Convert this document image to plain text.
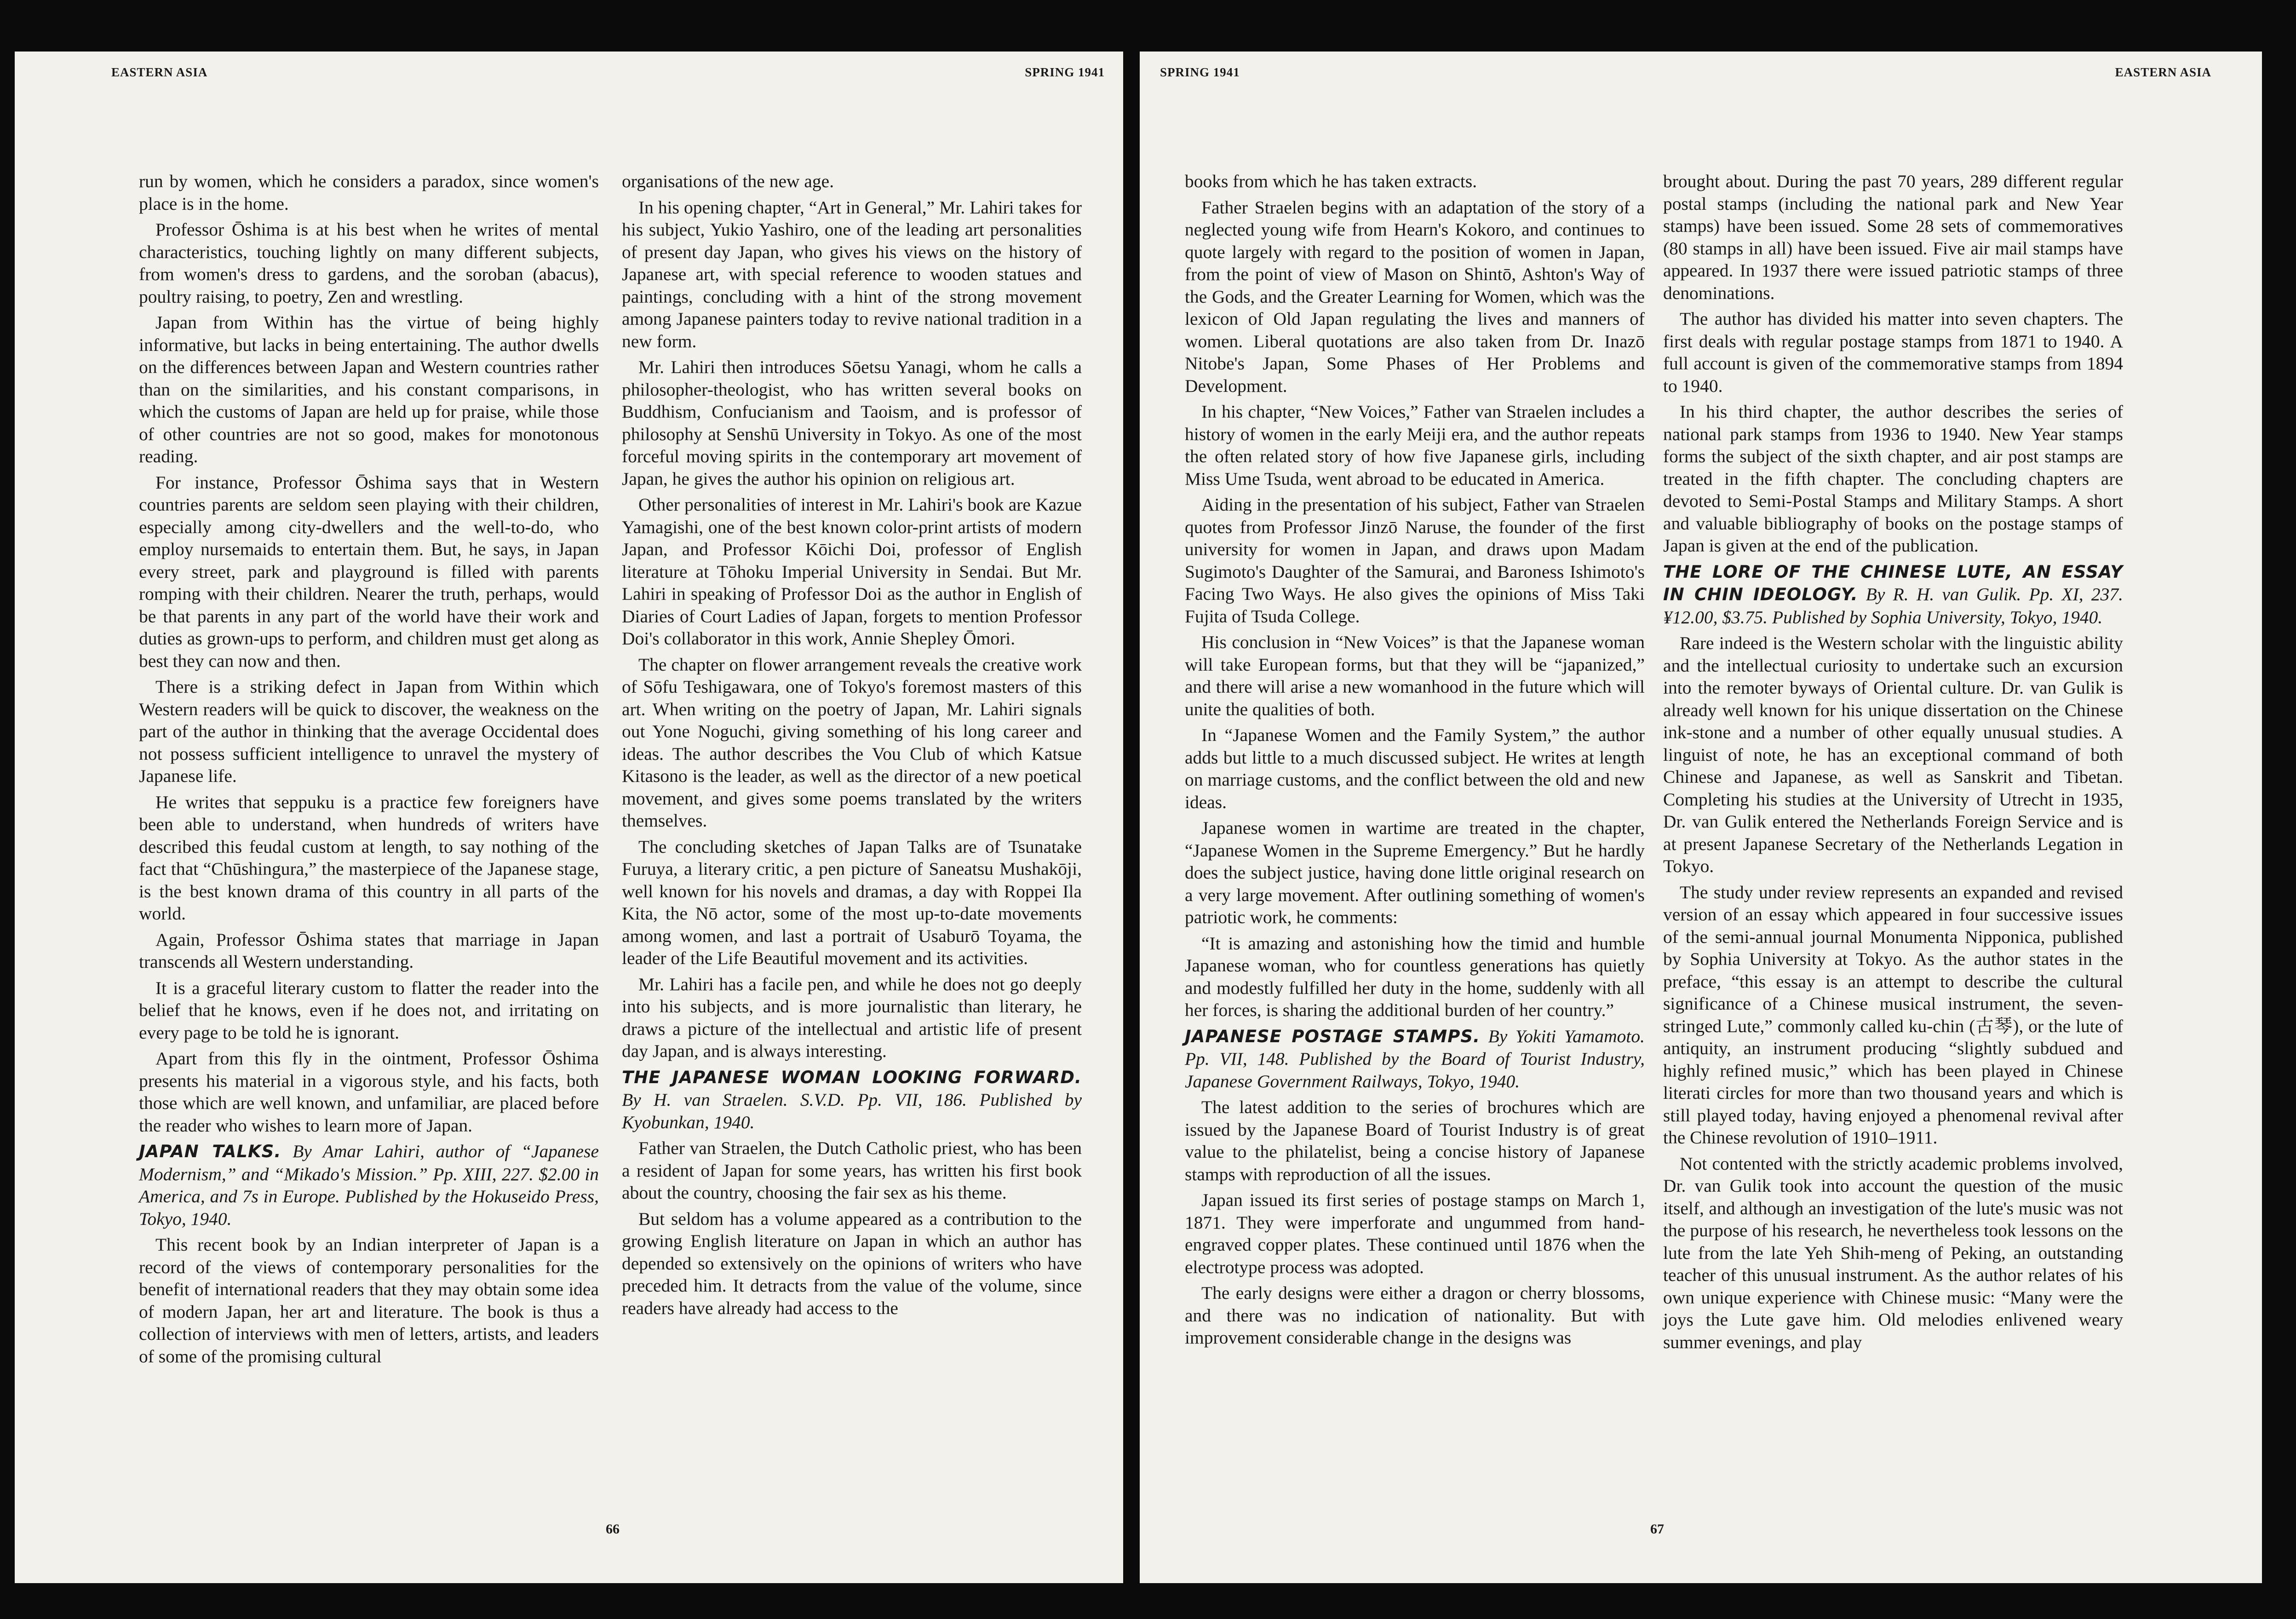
EASTERN ASIA	SPRING 1941

run by women, which he considers a paradox, since women's place is in the home.

Professor Ōshima is at his best when he writes of mental characteristics, touching lightly on many different subjects, from women's dress to gardens, and the soroban (abacus), poultry raising, to poetry, Zen and wrestling.

Japan from Within has the virtue of being highly informative, but lacks in being entertaining. The author dwells on the differences between Japan and Western countries rather than on the similarities, and his constant comparisons, in which the customs of Japan are held up for praise, while those of other countries are not so good, makes for monotonous reading.

For instance, Professor Ōshima says that in Western countries parents are seldom seen playing with their children, especially among city-dwellers and the well-to-do, who employ nursemaids to entertain them. But, he says, in Japan every street, park and playground is filled with parents romping with their children. Nearer the truth, perhaps, would be that parents in any part of the world have their work and duties as grown-ups to perform, and children must get along as best they can now and then.

There is a striking defect in Japan from Within which Western readers will be quick to discover, the weakness on the part of the author in thinking that the average Occidental does not possess sufficient intelligence to unravel the mystery of Japanese life.

He writes that seppuku is a practice few foreigners have been able to understand, when hundreds of writers have described this feudal custom at length, to say nothing of the fact that “Chūshingura,” the masterpiece of the Japanese stage, is the best known drama of this country in all parts of the world.

Again, Professor Ōshima states that marriage in Japan transcends all Western understanding.

It is a graceful literary custom to flatter the reader into the belief that he knows, even if he does not, and irritating on every page to be told he is ignorant.

Apart from this fly in the ointment, Professor Ōshima presents his material in a vigorous style, and his facts, both those which are well known, and unfamiliar, are placed before the reader who wishes to learn more of Japan.

JAPAN TALKS. By Amar Lahiri, author of “Japanese Modernism,” and “Mikado's Mission.” Pp. XIII, 227. $2.00 in America, and 7s in Europe. Published by the Hokuseido Press, Tokyo, 1940.

This recent book by an Indian interpreter of Japan is a record of the views of contemporary personalities for the benefit of international readers that they may obtain some idea of modern Japan, her art and literature. The book is thus a collection of interviews with men of letters, artists, and leaders of some of the promising cultural

organisations of the new age.

In his opening chapter, “Art in General,” Mr. Lahiri takes for his subject, Yukio Yashiro, one of the leading art personalities of present day Japan, who gives his views on the history of Japanese art, with special reference to wooden statues and paintings, concluding with a hint of the strong movement among Japanese painters today to revive national tradition in a new form.

Mr. Lahiri then introduces Sōetsu Yanagi, whom he calls a philosopher-theologist, who has written several books on Buddhism, Confucianism and Taoism, and is professor of philosophy at Senshū University in Tokyo. As one of the most forceful moving spirits in the contemporary art movement of Japan, he gives the author his opinion on religious art.

Other personalities of interest in Mr. Lahiri's book are Kazue Yamagishi, one of the best known color-print artists of modern Japan, and Professor Kōichi Doi, professor of English literature at Tōhoku Imperial University in Sendai. But Mr. Lahiri in speaking of Professor Doi as the author in English of Diaries of Court Ladies of Japan, forgets to mention Professor Doi's collaborator in this work, Annie Shepley Ōmori.

The chapter on flower arrangement reveals the creative work of Sōfu Teshigawara, one of Tokyo's foremost masters of this art. When writing on the poetry of Japan, Mr. Lahiri signals out Yone Noguchi, giving something of his long career and ideas. The author describes the Vou Club of which Katsue Kitasono is the leader, as well as the director of a new poetical movement, and gives some poems translated by the writers themselves.

The concluding sketches of Japan Talks are of Tsunatake Furuya, a literary critic, a pen picture of Saneatsu Mushakōji, well known for his novels and dramas, a day with Roppei Ila Kita, the Nō actor, some of the most up-to-date movements among women, and last a portrait of Usaburō Toyama, the leader of the Life Beautiful movement and its activities.

Mr. Lahiri has a facile pen, and while he does not go deeply into his subjects, and is more journalistic than literary, he draws a picture of the intellectual and artistic life of present day Japan, and is always interesting.

THE JAPANESE WOMAN LOOKING FORWARD. By H. van Straelen. S.V.D. Pp. VII, 186. Published by Kyobunkan, 1940.

Father van Straelen, the Dutch Catholic priest, who has been a resident of Japan for some years, has written his first book about the country, choosing the fair sex as his theme.

But seldom has a volume appeared as a contribution to the growing English literature on Japan in which an author has depended so extensively on the opinions of writers who have preceded him. It detracts from the value of the volume, since readers have already had access to the

66
SPRING 1941	EASTERN ASIA

books from which he has taken extracts.

Father Straelen begins with an adaptation of the story of a neglected young wife from Hearn's Kokoro, and continues to quote largely with regard to the position of women in Japan, from the point of view of Mason on Shintō, Ashton's Way of the Gods, and the Greater Learning for Women, which was the lexicon of Old Japan regulating the lives and manners of women. Liberal quotations are also taken from Dr. Inazō Nitobe's Japan, Some Phases of Her Problems and Development.

In his chapter, “New Voices,” Father van Straelen includes a history of women in the early Meiji era, and the author repeats the often related story of how five Japanese girls, including Miss Ume Tsuda, went abroad to be educated in America.

Aiding in the presentation of his subject, Father van Straelen quotes from Professor Jinzō Naruse, the founder of the first university for women in Japan, and draws upon Madam Sugimoto's Daughter of the Samurai, and Baroness Ishimoto's Facing Two Ways. He also gives the opinions of Miss Taki Fujita of Tsuda College.

His conclusion in “New Voices” is that the Japanese woman will take European forms, but that they will be “japanized,” and there will arise a new womanhood in the future which will unite the qualities of both.

In “Japanese Women and the Family System,” the author adds but little to a much discussed subject. He writes at length on marriage customs, and the conflict between the old and new ideas.

Japanese women in wartime are treated in the chapter, “Japanese Women in the Supreme Emergency.” But he hardly does the subject justice, having done little original research on a very large movement. After outlining something of women's patriotic work, he comments:

“It is amazing and astonishing how the timid and humble Japanese woman, who for countless generations has quietly and modestly fulfilled her duty in the home, suddenly with all her forces, is sharing the additional burden of her country.”

JAPANESE POSTAGE STAMPS. By Yokiti Yamamoto. Pp. VII, 148. Published by the Board of Tourist Industry, Japanese Government Railways, Tokyo, 1940.

The latest addition to the series of brochures which are issued by the Japanese Board of Tourist Industry is of great value to the philatelist, being a concise history of Japanese stamps with reproduction of all the issues.

Japan issued its first series of postage stamps on March 1, 1871. They were imperforate and ungummed from hand-engraved copper plates. These continued until 1876 when the electrotype process was adopted.

The early designs were either a dragon or cherry blossoms, and there was no indication of nationality. But with improvement considerable change in the designs was

brought about. During the past 70 years, 289 different regular postal stamps (including the national park and New Year stamps) have been issued. Some 28 sets of commemoratives (80 stamps in all) have been issued. Five air mail stamps have appeared. In 1937 there were issued patriotic stamps of three denominations.

The author has divided his matter into seven chapters. The first deals with regular postage stamps from 1871 to 1940. A full account is given of the commemorative stamps from 1894 to 1940.

In his third chapter, the author describes the series of national park stamps from 1936 to 1940. New Year stamps forms the subject of the sixth chapter, and air post stamps are treated in the fifth chapter. The concluding chapters are devoted to Semi-Postal Stamps and Military Stamps. A short and valuable bibliography of books on the postage stamps of Japan is given at the end of the publication.

THE LORE OF THE CHINESE LUTE, AN ESSAY IN CHIN IDEOLOGY. By R. H. van Gulik. Pp. XI, 237. ¥12.00, $3.75. Published by Sophia University, Tokyo, 1940.

Rare indeed is the Western scholar with the linguistic ability and the intellectual curiosity to undertake such an excursion into the remoter byways of Oriental culture. Dr. van Gulik is already well known for his unique dissertation on the Chinese ink-stone and a number of other equally unusual studies. A linguist of note, he has an exceptional command of both Chinese and Japanese, as well as Sanskrit and Tibetan. Completing his studies at the University of Utrecht in 1935, Dr. van Gulik entered the Netherlands Foreign Service and is at present Japanese Secretary of the Netherlands Legation in Tokyo.

The study under review represents an expanded and revised version of an essay which appeared in four successive issues of the semi-annual journal Monumenta Nipponica, published by Sophia University at Tokyo. As the author states in the preface, “this essay is an attempt to describe the cultural significance of a Chinese musical instrument, the seven-stringed Lute,” commonly called ku-chin (古琴), or the lute of antiquity, an instrument producing “slightly subdued and highly refined music,” which has been played in Chinese literati circles for more than two thousand years and which is still played today, having enjoyed a phenomenal revival after the Chinese revolution of 1910–1911.

Not contented with the strictly academic problems involved, Dr. van Gulik took into account the question of the music itself, and although an investigation of the lute's music was not the purpose of his research, he nevertheless took lessons on the lute from the late Yeh Shih-meng of Peking, an outstanding teacher of this unusual instrument. As the author relates of his own unique experience with Chinese music: “Many were the joys the Lute gave him. Old melodies enlivened weary summer evenings, and play

67
